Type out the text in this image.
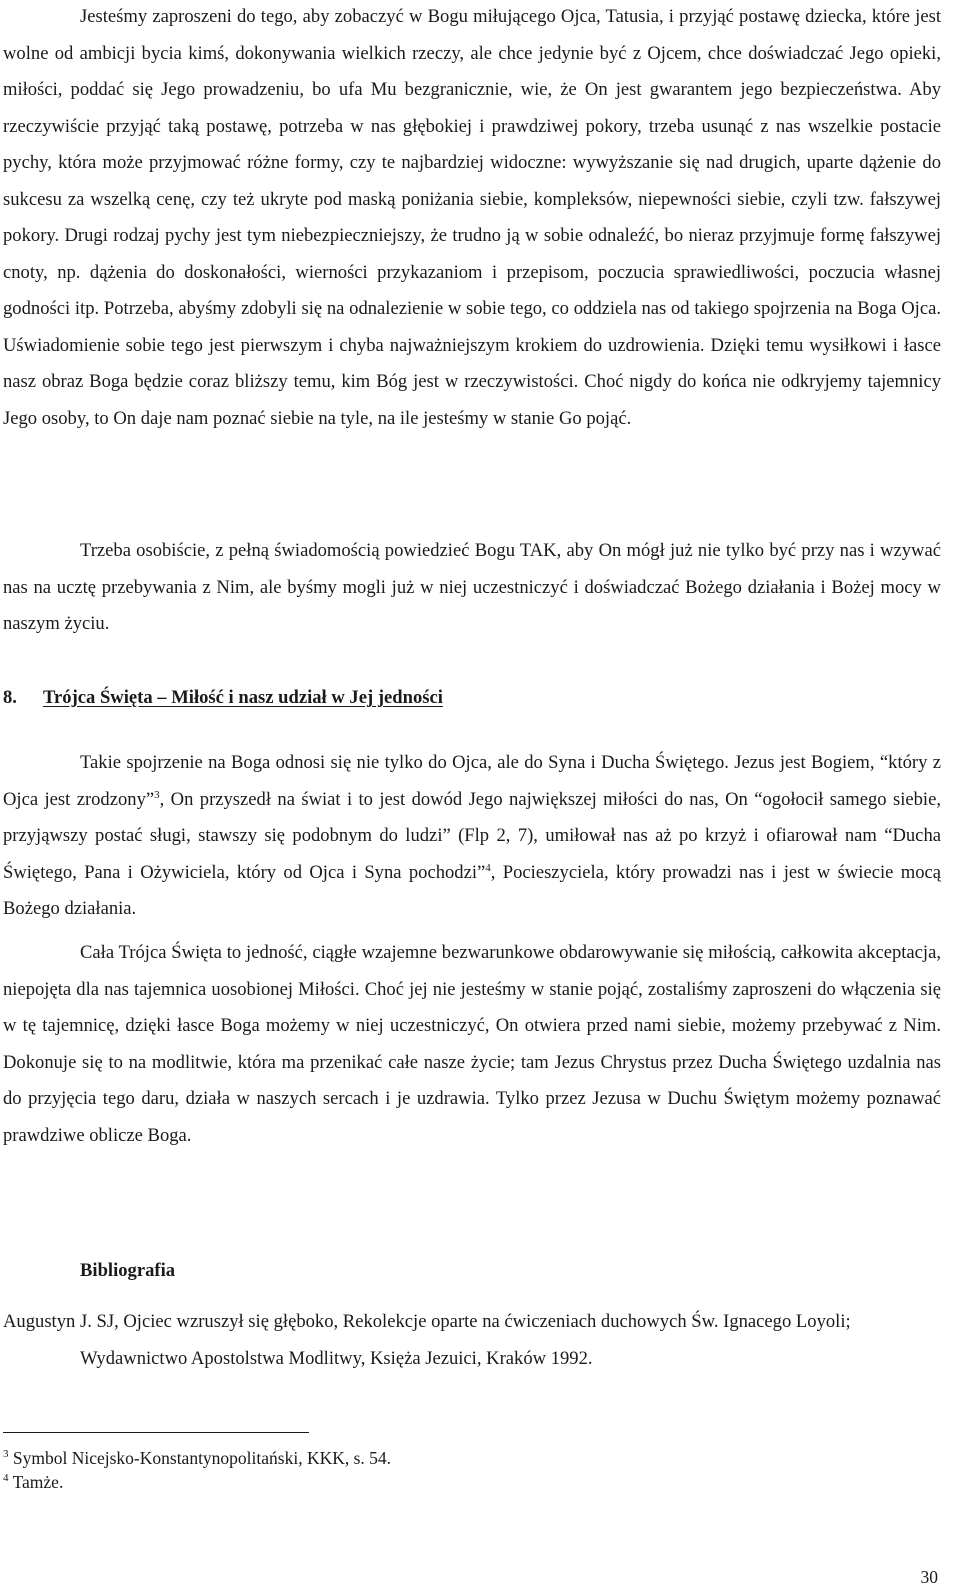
Jesteśmy zaproszeni do tego, aby zobaczyć w Bogu miłującego Ojca, Tatusia, i przyjąć postawę dziecka, które jest wolne od ambicji bycia kimś, dokonywania wielkich rzeczy, ale chce jedynie być z Ojcem, chce doświadczać Jego opieki, miłości, poddać się Jego prowadzeniu, bo ufa Mu bezgranicznie, wie, że On jest gwarantem jego bezpieczeństwa. Aby rzeczywiście przyjąć taką postawę, potrzeba w nas głębokiej i prawdziwej pokory, trzeba usunąć z nas wszelkie postacie pychy, która może przyjmować różne formy, czy te najbardziej widoczne: wywyższanie się nad drugich, uparte dążenie do sukcesu za wszelką cenę, czy też ukryte pod maską poniżania siebie, kompleksów, niepewności siebie, czyli tzw. fałszywej pokory. Drugi rodzaj pychy jest tym niebezpieczniejszy, że trudno ją w sobie odnaleźć, bo nieraz przyjmuje formę fałszywej cnoty, np. dążenia do doskonałości, wierności przykazaniom i przepisom, poczucia sprawiedliwości, poczucia własnej godności itp. Potrzeba, abyśmy zdobyli się na odnalezienie w sobie tego, co oddziela nas od takiego spojrzenia na Boga Ojca. Uświadomienie sobie tego jest pierwszym i chyba najważniejszym krokiem do uzdrowienia. Dzięki temu wysiłkowi i łasce nasz obraz Boga będzie coraz bliższy temu, kim Bóg jest w rzeczywistości. Choć nigdy do końca nie odkryjemy tajemnicy Jego osoby, to On daje nam poznać siebie na tyle, na ile jesteśmy w stanie Go pojąć.

Trzeba osobiście, z pełną świadomością powiedzieć Bogu TAK, aby On mógł już nie tylko być przy nas i wzywać nas na ucztę przebywania z Nim, ale byśmy mogli już w niej uczestniczyć i doświadczać Bożego działania i Bożej mocy w naszym życiu.

8. Trójca Święta – Miłość i nasz udział w Jej jedności

Takie spojrzenie na Boga odnosi się nie tylko do Ojca, ale do Syna i Ducha Świętego. Jezus jest Bogiem, “który z Ojca jest zrodzony”$^3$, On przyszedł na świat i to jest dowód Jego największej miłości do nas, On “ogołocił samego siebie, przyjąwszy postać sługi, stawszy się podobnym do ludzi” (Flp 2, 7), umiłował nas aż po krzyż i ofiarował nam “Ducha Świętego, Pana i Ożywiciela, który od Ojca i Syna pochodzi”$^4$, Pocieszyciela, który prowadzi nas i jest w świecie mocą Bożego działania.

Cała Trójca Święta to jedność, ciągłe wzajemne bezwarunkowe obdarowywanie się miłością, całkowita akceptacja, niepojęta dla nas tajemnica uosobionej Miłości. Choć jej nie jesteśmy w stanie pojąć, zostaliśmy zaproszeni do włączenia się w tę tajemnicę, dzięki łasce Boga możemy w niej uczestniczyć, On otwiera przed nami siebie, możemy przebywać z Nim. Dokonuje się to na modlitwie, która ma przenikać całe nasze życie; tam Jezus Chrystus przez Ducha Świętego uzdalnia nas do przyjęcia tego daru, działa w naszych sercach i je uzdrawia. Tylko przez Jezusa w Duchu Świętym możemy poznawać prawdziwe oblicze Boga.

Bibliografia

Augustyn J. SJ, Ojciec wzruszył się głęboko, Rekolekcje oparte na ćwiczeniach duchowych Św. Ignacego Loyoli; Wydawnictwo Apostolstwa Modlitwy, Księża Jezuici, Kraków 1992.

$^3$ Symbol Nicejsko-Konstantynopolitański, KKK, s. 54.

$^4$ Tamże.

30
